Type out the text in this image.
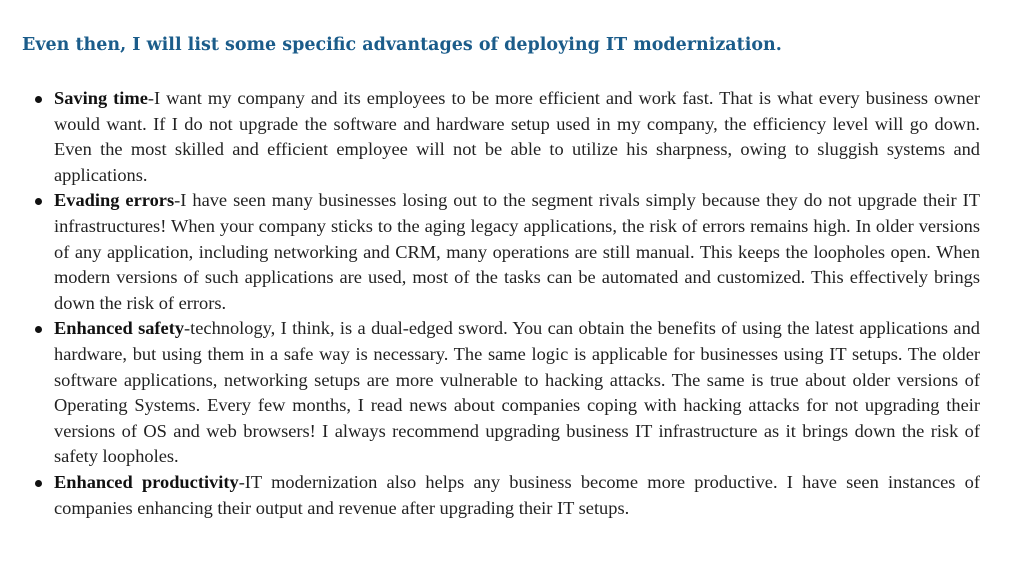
Even then, I will list some specific advantages of deploying IT modernization.
Saving time-I want my company and its employees to be more efficient and work fast. That is what every business owner would want. If I do not upgrade the software and hardware setup used in my company, the efficiency level will go down. Even the most skilled and efficient employee will not be able to utilize his sharpness, owing to sluggish systems and applications.
Evading errors-I have seen many businesses losing out to the segment rivals simply because they do not upgrade their IT infrastructures! When your company sticks to the aging legacy applications, the risk of errors remains high. In older versions of any application, including networking and CRM, many operations are still manual. This keeps the loopholes open. When modern versions of such applications are used, most of the tasks can be automated and customized. This effectively brings down the risk of errors.
Enhanced safety-technology, I think, is a dual-edged sword. You can obtain the benefits of using the latest applications and hardware, but using them in a safe way is necessary. The same logic is applicable for businesses using IT setups. The older software applications, networking setups are more vulnerable to hacking attacks. The same is true about older versions of Operating Systems. Every few months, I read news about companies coping with hacking attacks for not upgrading their versions of OS and web browsers! I always recommend upgrading business IT infrastructure as it brings down the risk of safety loopholes.
Enhanced productivity-IT modernization also helps any business become more productive. I have seen instances of companies enhancing their output and revenue after upgrading their IT setups.
